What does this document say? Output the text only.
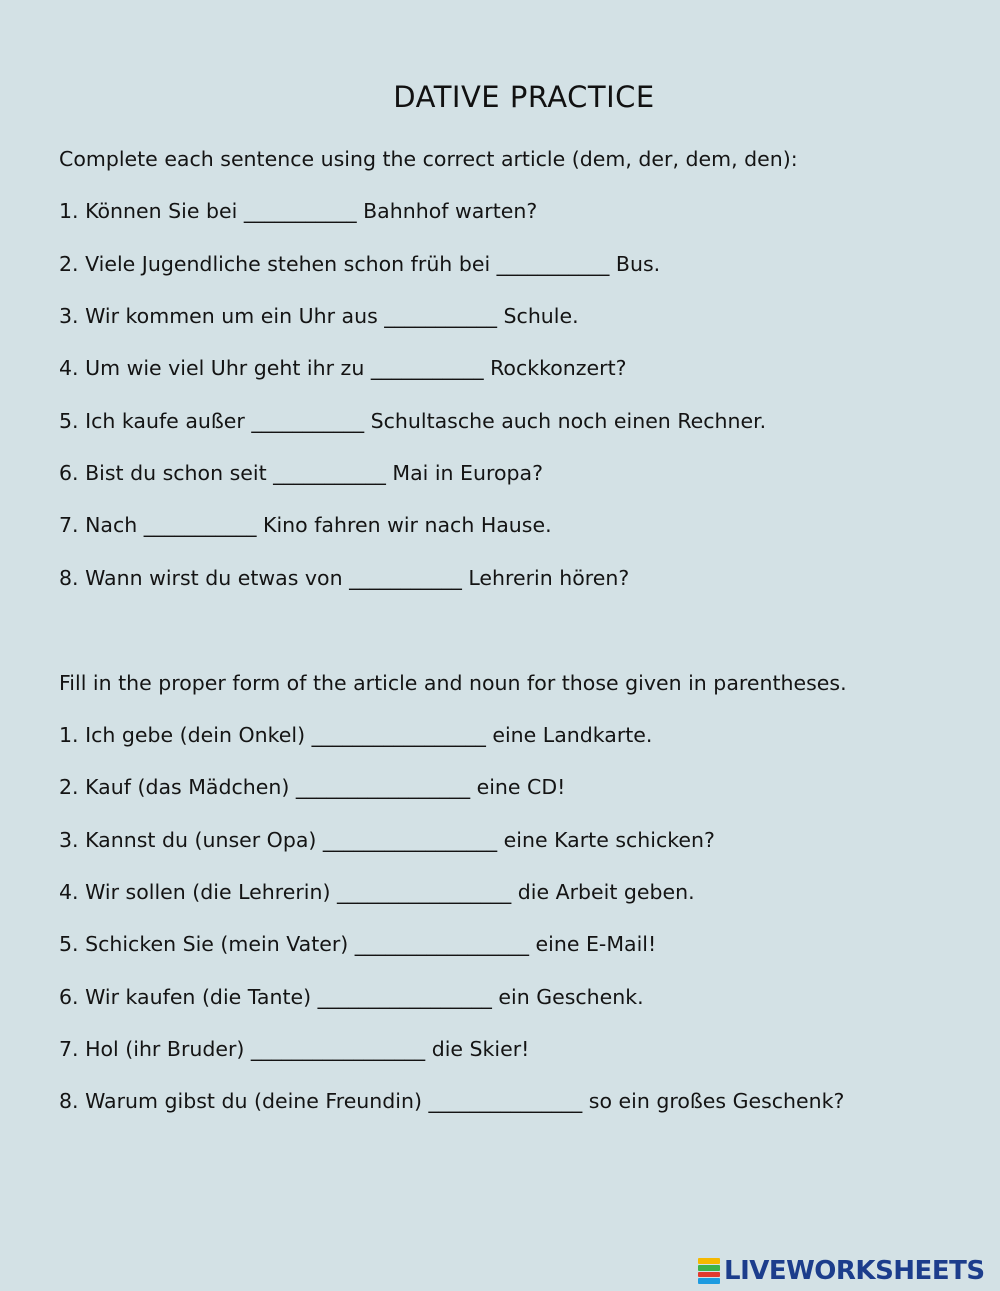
DATIVE PRACTICE
Complete each sentence using the correct article (dem, der, dem, den):
1. Können Sie bei ___________ Bahnhof warten?
2. Viele Jugendliche stehen schon früh bei ___________ Bus.
3. Wir kommen um ein Uhr aus ___________ Schule.
4. Um wie viel Uhr geht ihr zu ___________ Rockkonzert?
5. Ich kaufe außer ___________ Schultasche auch noch einen Rechner.
6. Bist du schon seit ___________ Mai in Europa?
7. Nach ___________ Kino fahren wir nach Hause.
8. Wann wirst du etwas von ___________ Lehrerin hören?
Fill in the proper form of the article and noun for those given in parentheses.
1. Ich gebe (dein Onkel) _________________ eine Landkarte.
2. Kauf (das Mädchen) _________________ eine CD!
3. Kannst du (unser Opa) _________________ eine Karte schicken?
4. Wir sollen (die Lehrerin) _________________ die Arbeit geben.
5. Schicken Sie (mein Vater) _________________ eine E-Mail!
6. Wir kaufen (die Tante) _________________ ein Geschenk.
7. Hol (ihr Bruder) _________________ die Skier!
8. Warum gibst du (deine Freundin) _______________ so ein großes Geschenk?
LIVEWORKSHEETS
